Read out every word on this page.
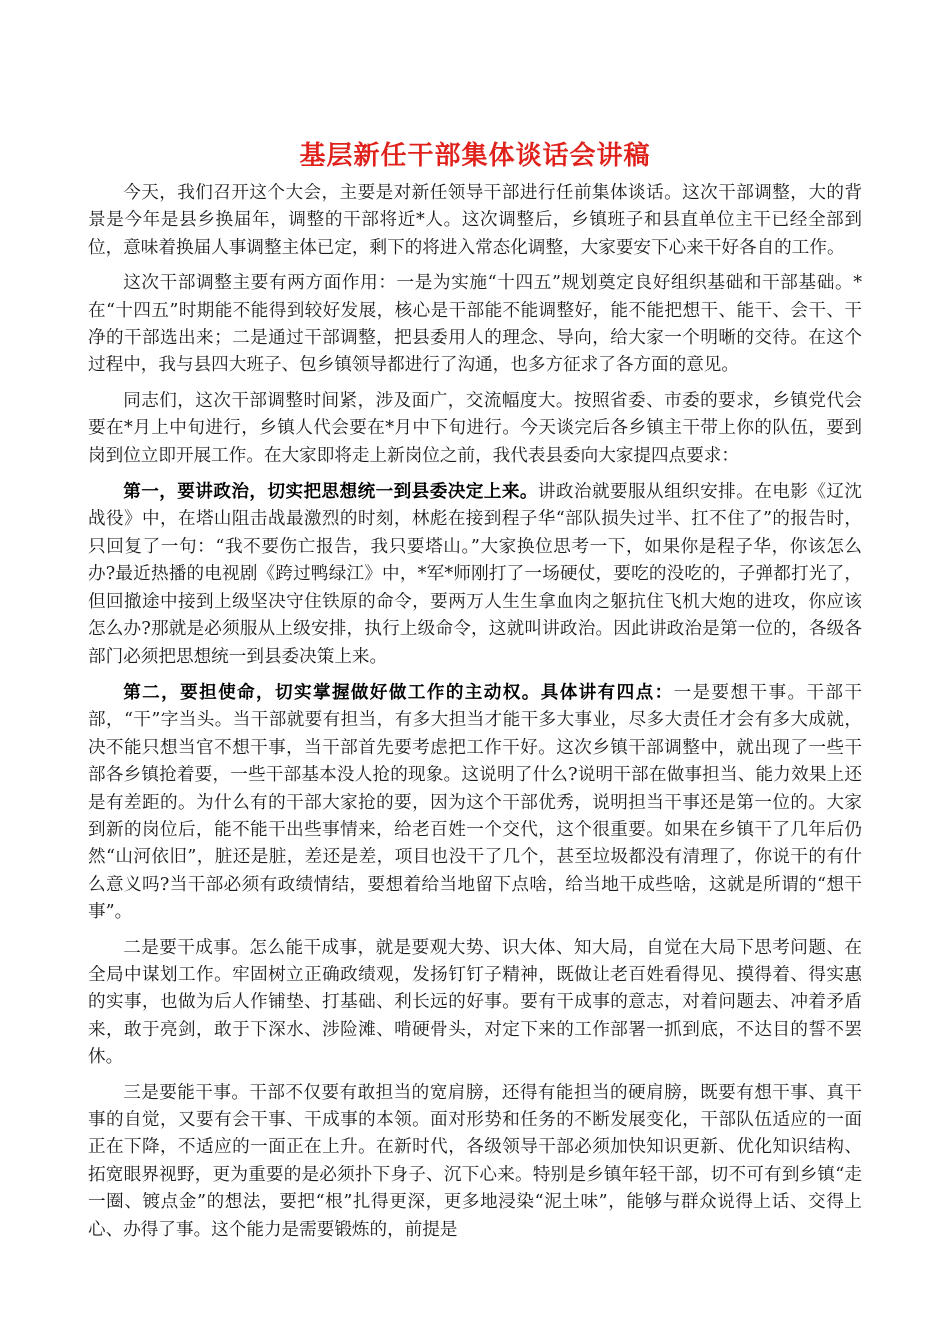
基层新任干部集体谈话会讲稿

今天，我们召开这个大会，主要是对新任领导干部进行任前集体谈话。这次干部调整，大的背景是今年是县乡换届年，调整的干部将近*人。这次调整后，乡镇班子和县直单位主干已经全部到位，意味着换届人事调整主体已定，剩下的将进入常态化调整，大家要安下心来干好各自的工作。

这次干部调整主要有两方面作用：一是为实施“十四五”规划奠定良好组织基础和干部基础。*在“十四五”时期能不能得到较好发展，核心是干部能不能调整好，能不能把想干、能干、会干、干净的干部选出来；二是通过干部调整，把县委用人的理念、导向，给大家一个明晰的交待。在这个过程中，我与县四大班子、包乡镇领导都进行了沟通，也多方征求了各方面的意见。

同志们，这次干部调整时间紧，涉及面广，交流幅度大。按照省委、市委的要求，乡镇党代会要在*月上中旬进行，乡镇人代会要在*月中下旬进行。今天谈完后各乡镇主干带上你的队伍，要到岗到位立即开展工作。在大家即将走上新岗位之前，我代表县委向大家提四点要求：

第一，要讲政治，切实把思想统一到县委决定上来。讲政治就要服从组织安排。在电影《辽沈战役》中，在塔山阻击战最激烈的时刻，林彪在接到程子华“部队损失过半、扛不住了”的报告时，只回复了一句：“我不要伤亡报告，我只要塔山。”大家换位思考一下，如果你是程子华，你该怎么办?最近热播的电视剧《跨过鸭绿江》中，*军*师刚打了一场硬仗，要吃的没吃的，子弹都打光了，但回撤途中接到上级坚决守住铁原的命令，要两万人生生拿血肉之躯抗住飞机大炮的进攻，你应该怎么办?那就是必须服从上级安排，执行上级命令，这就叫讲政治。因此讲政治是第一位的，各级各部门必须把思想统一到县委决策上来。

第二，要担使命，切实掌握做好做工作的主动权。具体讲有四点：一是要想干事。干部干部，“干”字当头。当干部就要有担当，有多大担当才能干多大事业，尽多大责任才会有多大成就，决不能只想当官不想干事，当干部首先要考虑把工作干好。这次乡镇干部调整中，就出现了一些干部各乡镇抢着要，一些干部基本没人抢的现象。这说明了什么?说明干部在做事担当、能力效果上还是有差距的。为什么有的干部大家抢的要，因为这个干部优秀，说明担当干事还是第一位的。大家到新的岗位后，能不能干出些事情来，给老百姓一个交代，这个很重要。如果在乡镇干了几年后仍然“山河依旧”，脏还是脏，差还是差，项目也没干了几个，甚至垃圾都没有清理了，你说干的有什么意义吗?当干部必须有政绩情结，要想着给当地留下点啥，给当地干成些啥，这就是所谓的“想干事”。

二是要干成事。怎么能干成事，就是要观大势、识大体、知大局，自觉在大局下思考问题、在全局中谋划工作。牢固树立正确政绩观，发扬钉钉子精神，既做让老百姓看得见、摸得着、得实惠的实事，也做为后人作铺垫、打基础、利长远的好事。要有干成事的意志，对着问题去、冲着矛盾来，敢于亮剑，敢于下深水、涉险滩、啃硬骨头，对定下来的工作部署一抓到底，不达目的誓不罢休。

三是要能干事。干部不仅要有敢担当的宽肩膀，还得有能担当的硬肩膀，既要有想干事、真干事的自觉，又要有会干事、干成事的本领。面对形势和任务的不断发展变化，干部队伍适应的一面正在下降，不适应的一面正在上升。在新时代，各级领导干部必须加快知识更新、优化知识结构、拓宽眼界视野，更为重要的是必须扑下身子、沉下心来。特别是乡镇年轻干部，切不可有到乡镇“走一圈、镀点金”的想法，要把“根”扎得更深，更多地浸染“泥土味”，能够与群众说得上话、交得上心、办得了事。这个能力是需要锻炼的，前提是
